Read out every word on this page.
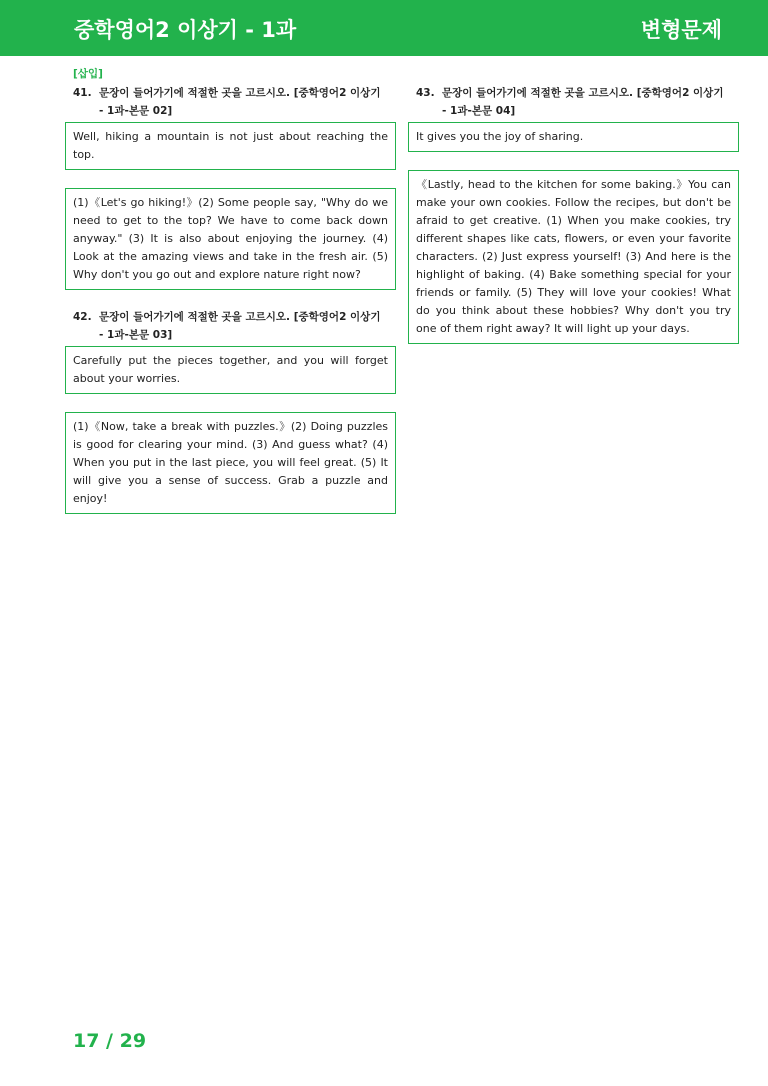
중학영어2 이상기 - 1과	변형문제
[삽입]
41. 문장이 들어가기에 적절한 곳을 고르시오. [중학영어2 이상기
- 1과-본문 02]
Well, hiking a mountain is not just about reaching the top.
(1)《Let's go hiking!》(2) Some people say, "Why do we need to get to the top? We have to come back down anyway." (3) It is also about enjoying the journey. (4) Look at the amazing views and take in the fresh air. (5) Why don't you go out and explore nature right now?
42. 문장이 들어가기에 적절한 곳을 고르시오. [중학영어2 이상기
- 1과-본문 03]
Carefully put the pieces together, and you will forget about your worries.
(1)《Now, take a break with puzzles.》(2) Doing puzzles is good for clearing your mind. (3) And guess what? (4) When you put in the last piece, you will feel great. (5) It will give you a sense of success. Grab a puzzle and enjoy!
43. 문장이 들어가기에 적절한 곳을 고르시오. [중학영어2 이상기
- 1과-본문 04]
It gives you the joy of sharing.
《Lastly, head to the kitchen for some baking.》You can make your own cookies. Follow the recipes, but don't be afraid to get creative. (1) When you make cookies, try different shapes like cats, flowers, or even your favorite characters. (2) Just express yourself! (3) And here is the highlight of baking. (4) Bake something special for your friends or family. (5) They will love your cookies! What do you think about these hobbies? Why don't you try one of them right away? It will light up your days.
17 / 29
